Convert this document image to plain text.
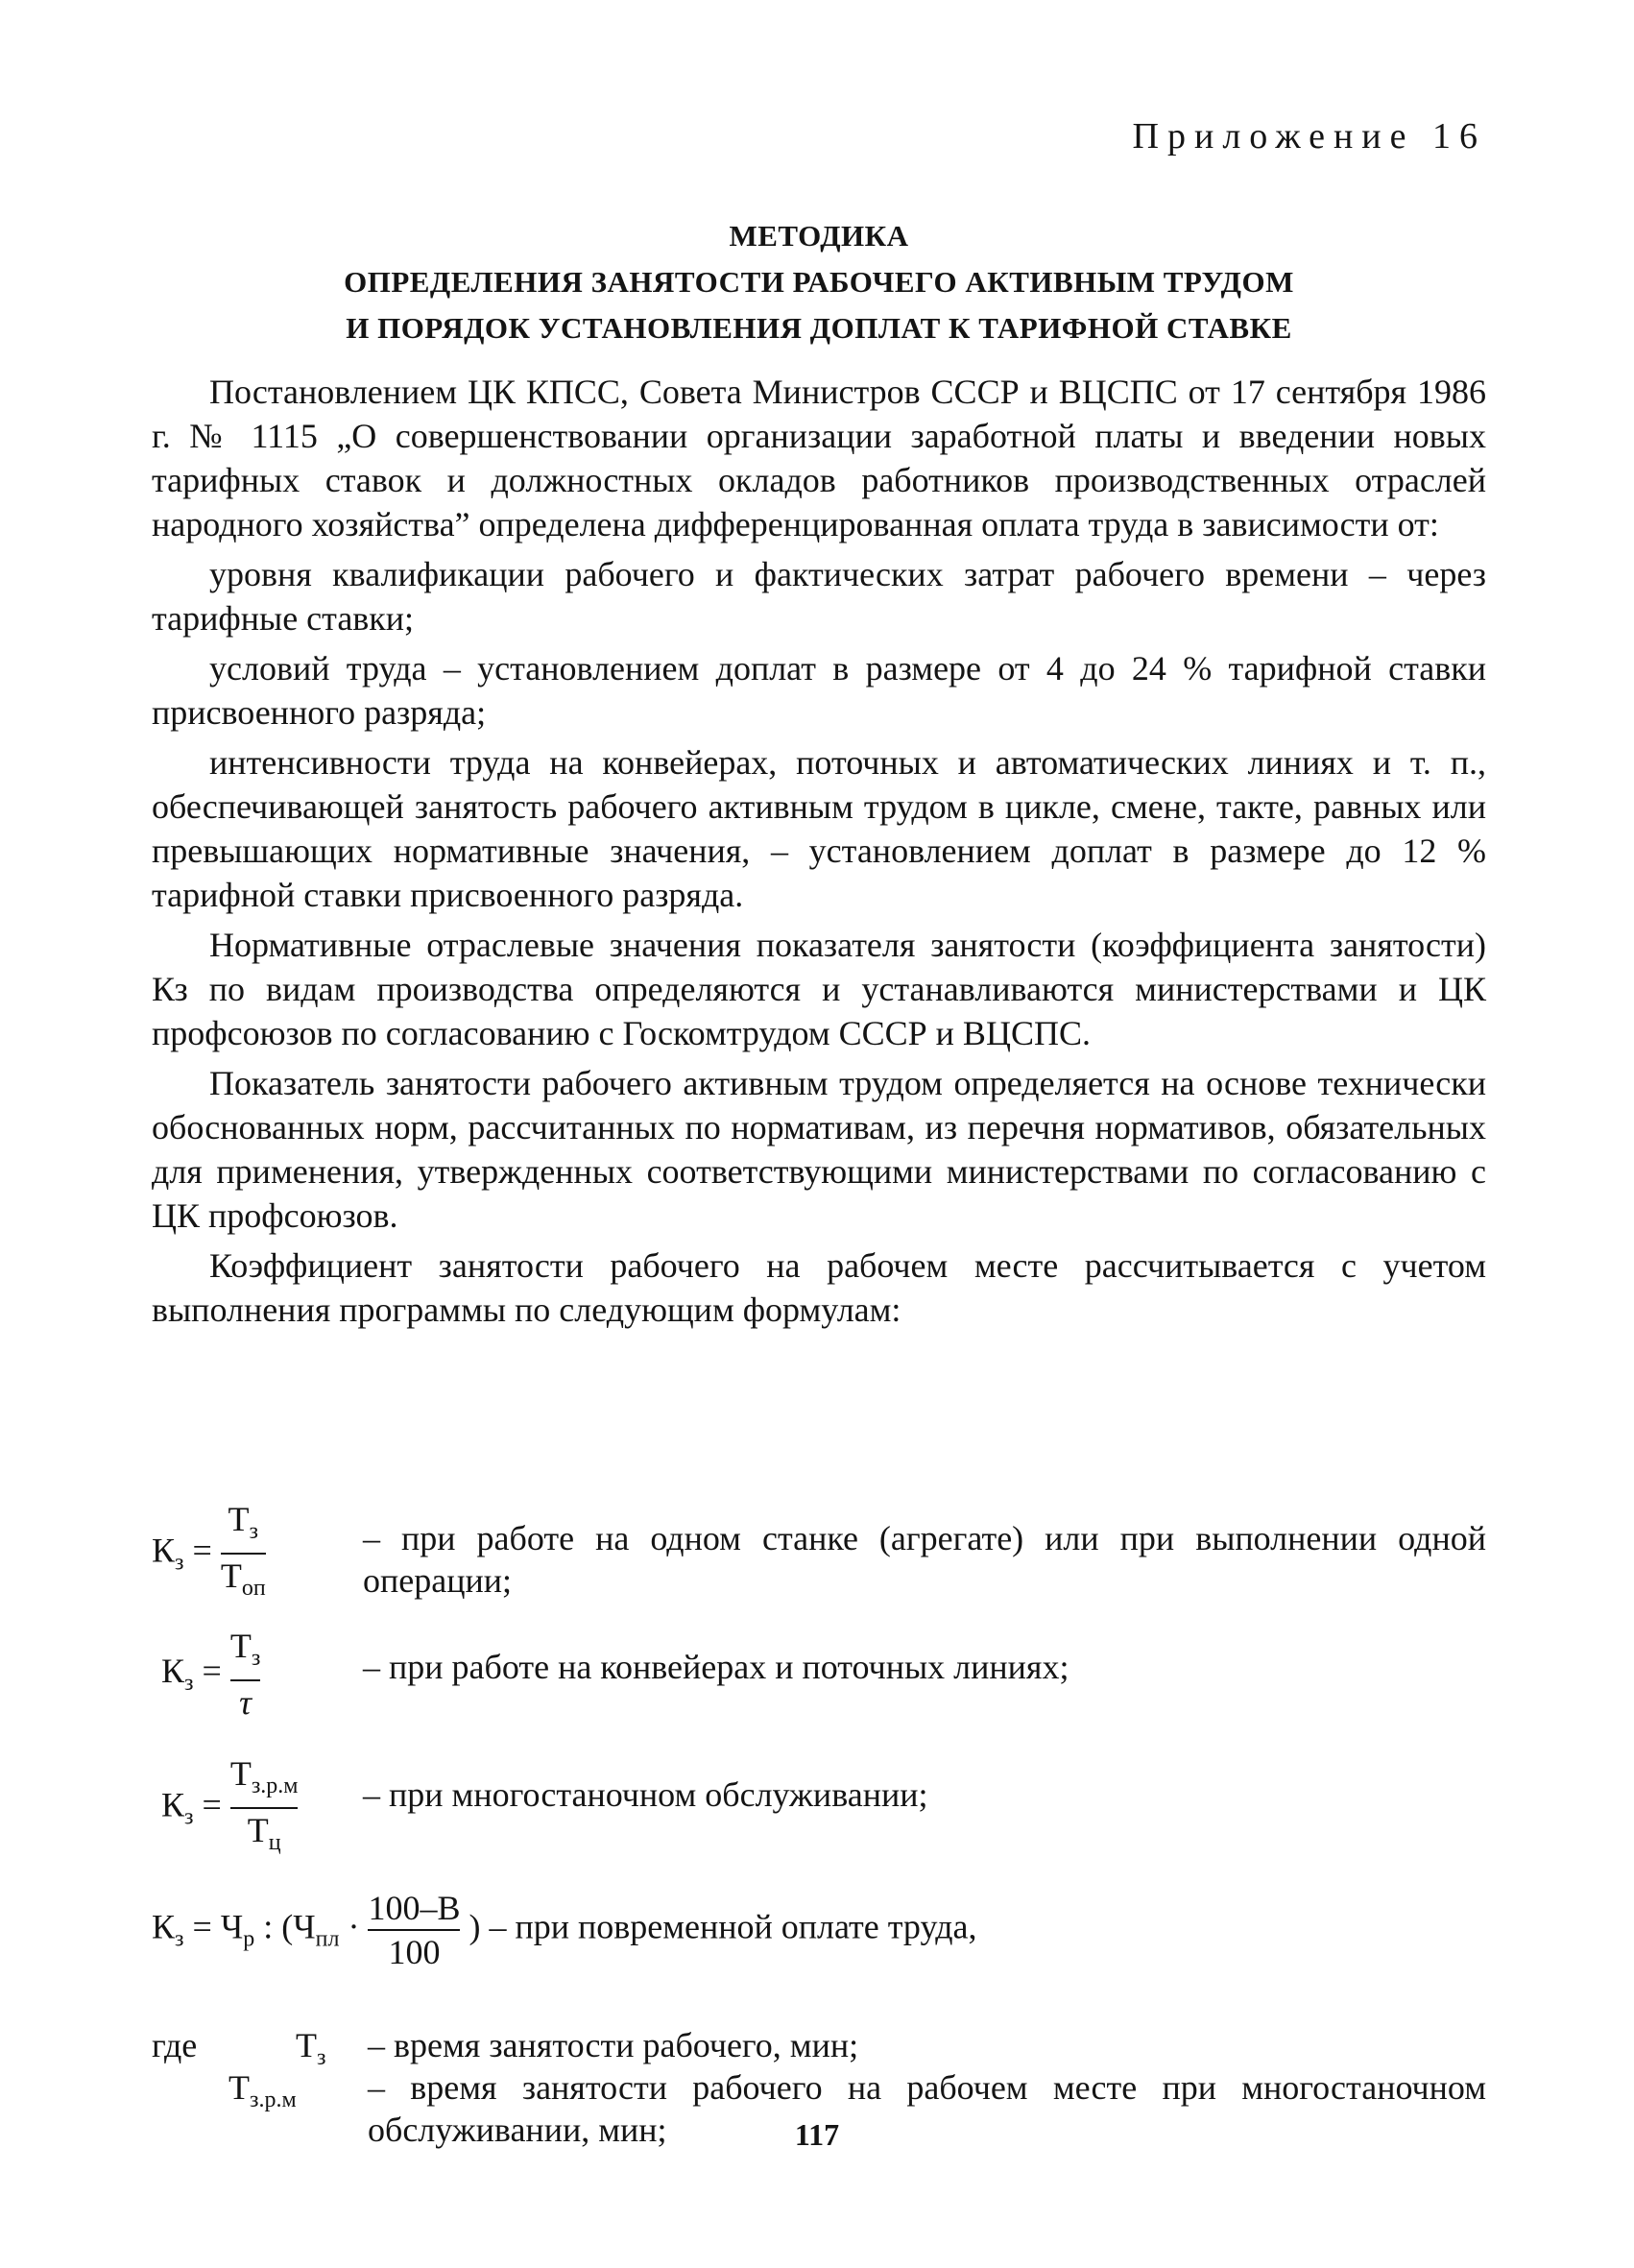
Приложение 16
МЕТОДИКА
ОПРЕДЕЛЕНИЯ ЗАНЯТОСТИ РАБОЧЕГО АКТИВНЫМ ТРУДОМ
И ПОРЯДОК УСТАНОВЛЕНИЯ ДОПЛАТ К ТАРИФНОЙ СТАВКЕ

Постановлением ЦК КПСС, Совета Министров СССР и ВЦСПС от 17 сентября 1986 г. № 1115 „О совершенствовании организации заработной платы и введении новых тарифных ставок и должностных окладов работников производственных отраслей народного хозяйства” определена дифференцированная оплата труда в зависимости от:

уровня квалификации рабочего и фактических затрат рабочего времени – через тарифные ставки;

условий труда – установлением доплат в размере от 4 до 24 % тарифной ставки присвоенного разряда;

интенсивности труда на конвейерах, поточных и автоматических линиях и т. п., обеспечивающей занятость рабочего активным трудом в цикле, смене, такте, равных или превышающих нормативные значения, – установлением доплат в размере до 12 % тарифной ставки присвоенного разряда.

Нормативные отраслевые значения показателя занятости (коэффициента занятости) Кз по видам производства определяются и устанавливаются министерствами и ЦК профсоюзов по согласованию с Госкомтрудом СССР и ВЦСПС.

Показатель занятости рабочего активным трудом определяется на основе технически обоснованных норм, рассчитанных по нормативам, из перечня нормативов, обязательных для применения, утвержденных соответствующими министерствами по согласованию с ЦК профсоюзов.

Коэффициент занятости рабочего на рабочем месте рассчитывается с учетом выполнения программы по следующим формулам:

$К_з = \frac{Т_з}{Т_{оп}}$	– при работе на одном станке (агрегате) или при выполнении одной операции;
$К_з = \frac{Т_з}{\tau}$	– при работе на конвейерах и поточных линиях;
$К_з = \frac{Т_{з.р.м}}{Т_ц}$ – при многостаночном обслуживании;
$К_з = Ч_р$ : ($Ч_{пл} \cdot \frac{100-В}{100}$ ) – при повременной оплате труда,
где	$Т_з$ – время занятости рабочего, мин;
$Т_{з.р.м}$ – время занятости рабочего на рабочем месте при многостаночном обслуживании, мин;	117
